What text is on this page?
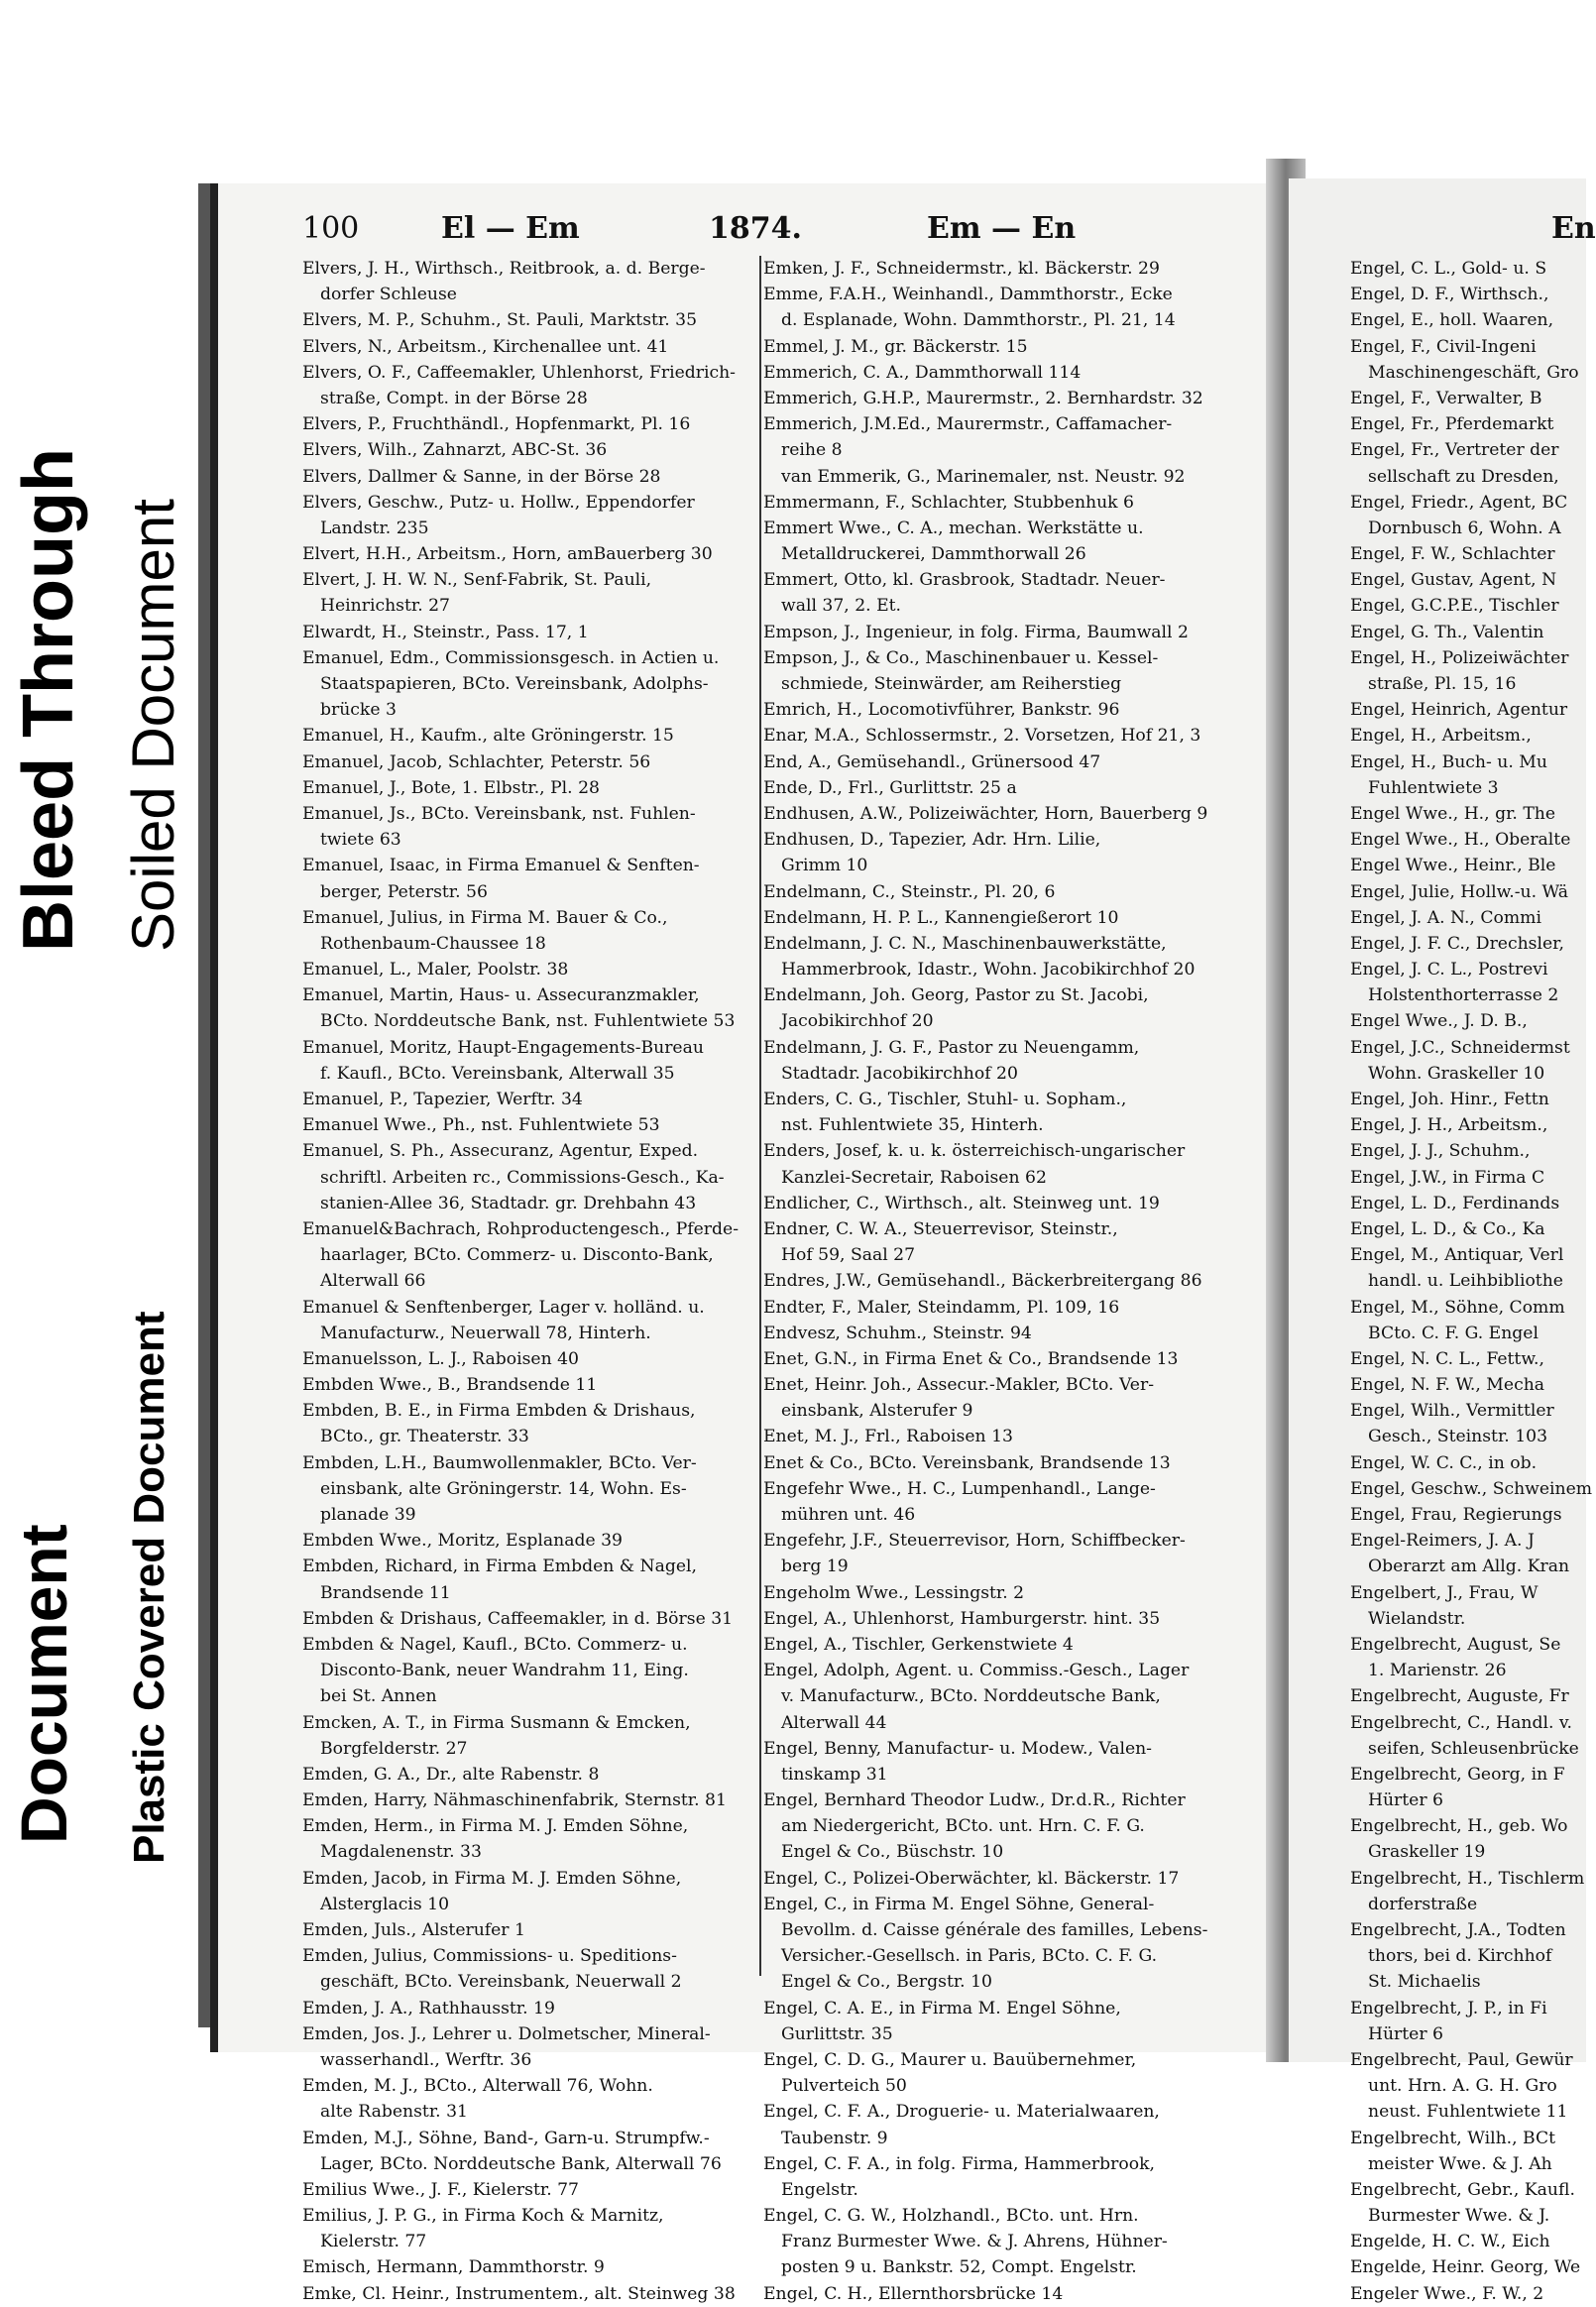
Bleed Through Soiled Document
Document Plastic Covered Document
100	El — Em	1874.	Em — En	En
Elvers, J. H., Wirthsch., Reitbrook, a. d. Berge-
dorfer Schleuse
Elvers, M. P., Schuhm., St. Pauli, Marktstr. 35
Elvers, N., Arbeitsm., Kirchenallee unt. 41
Elvers, O. F., Caffeemakler, Uhlenhorst, Friedrich-
straße, Compt. in der Börse 28
Elvers, P., Fruchthändl., Hopfenmarkt, Pl. 16
Elvers, Wilh., Zahnarzt, ABC-St. 36
Elvers, Dallmer & Sanne, in der Börse 28
Elvers, Geschw., Putz- u. Hollw., Eppendorfer
Landstr. 235
Elvert, H.H., Arbeitsm., Horn, amBauerberg 30
Elvert, J. H. W. N., Senf-Fabrik, St. Pauli,
Heinrichstr. 27
Elwardt, H., Steinstr., Pass. 17, 1
Emanuel, Edm., Commissionsgesch. in Actien u.
Staatspapieren, BCto. Vereinsbank, Adolphs-
brücke 3
Emanuel, H., Kaufm., alte Gröningerstr. 15
Emanuel, Jacob, Schlachter, Peterstr. 56
Emanuel, J., Bote, 1. Elbstr., Pl. 28
Emanuel, Js., BCto. Vereinsbank, nst. Fuhlen-
twiete 63
Emanuel, Isaac, in Firma Emanuel & Senften-
berger, Peterstr. 56
Emanuel, Julius, in Firma M. Bauer & Co.,
Rothenbaum-Chaussee 18
Emanuel, L., Maler, Poolstr. 38
Emanuel, Martin, Haus- u. Assecuranzmakler,
BCto. Norddeutsche Bank, nst. Fuhlentwiete 53
Emanuel, Moritz, Haupt-Engagements-Bureau
f. Kaufl., BCto. Vereinsbank, Alterwall 35
Emanuel, P., Tapezier, Werftr. 34
Emanuel Wwe., Ph., nst. Fuhlentwiete 53
Emanuel, S. Ph., Assecuranz, Agentur, Exped.
schriftl. Arbeiten rc., Commissions-Gesch., Ka-
stanien-Allee 36, Stadtadr. gr. Drehbahn 43
Emanuel&Bachrach, Rohproductengesch., Pferde-
haarlager, BCto. Commerz- u. Disconto-Bank,
Alterwall 66
Emanuel & Senftenberger, Lager v. holländ. u.
Manufacturw., Neuerwall 78, Hinterh.
Emanuelsson, L. J., Raboisen 40
Embden Wwe., B., Brandsende 11
Embden, B. E., in Firma Embden & Drishaus,
BCto., gr. Theaterstr. 33
Embden, L.H., Baumwollenmakler, BCto. Ver-
einsbank, alte Gröningerstr. 14, Wohn. Es-
planade 39
Embden Wwe., Moritz, Esplanade 39
Embden, Richard, in Firma Embden & Nagel,
Brandsende 11
Embden & Drishaus, Caffeemakler, in d. Börse 31
Embden & Nagel, Kaufl., BCto. Commerz- u.
Disconto-Bank, neuer Wandrahm 11, Eing.
bei St. Annen
Emcken, A. T., in Firma Susmann & Emcken,
Borgfelderstr. 27
Emden, G. A., Dr., alte Rabenstr. 8
Emden, Harry, Nähmaschinenfabrik, Sternstr. 81
Emden, Herm., in Firma M. J. Emden Söhne,
Magdalenenstr. 33
Emden, Jacob, in Firma M. J. Emden Söhne,
Alsterglacis 10
Emden, Juls., Alsterufer 1
Emden, Julius, Commissions- u. Speditions-
geschäft, BCto. Vereinsbank, Neuerwall 2
Emden, J. A., Rathhausstr. 19
Emden, Jos. J., Lehrer u. Dolmetscher, Mineral-
wasserhandl., Werftr. 36
Emden, M. J., BCto., Alterwall 76, Wohn.
alte Rabenstr. 31
Emden, M.J., Söhne, Band-, Garn-u. Strumpfw.-
Lager, BCto. Norddeutsche Bank, Alterwall 76
Emilius Wwe., J. F., Kielerstr. 77
Emilius, J. P. G., in Firma Koch & Marnitz,
Kielerstr. 77
Emisch, Hermann, Dammthorstr. 9
Emke, Cl. Heinr., Instrumentem., alt. Steinweg 38
Emken, J. F., Schneidermstr., kl. Bäckerstr. 29
Emme, F.A.H., Weinhandl., Dammthorstr., Ecke
d. Esplanade, Wohn. Dammthorstr., Pl. 21, 14
Emmel, J. M., gr. Bäckerstr. 15
Emmerich, C. A., Dammthorwall 114
Emmerich, G.H.P., Maurermstr., 2. Bernhardstr. 32
Emmerich, J.M.Ed., Maurermstr., Caffamacher-
reihe 8
van Emmerik, G., Marinemaler, nst. Neustr. 92
Emmermann, F., Schlachter, Stubbenhuk 6
Emmert Wwe., C. A., mechan. Werkstätte u.
Metalldruckerei, Dammthorwall 26
Emmert, Otto, kl. Grasbrook, Stadtadr. Neuer-
wall 37, 2. Et.
Empson, J., Ingenieur, in folg. Firma, Baumwall 2
Empson, J., & Co., Maschinenbauer u. Kessel-
schmiede, Steinwärder, am Reiherstieg
Emrich, H., Locomotivführer, Bankstr. 96
Enar, M.A., Schlossermstr., 2. Vorsetzen, Hof 21, 3
End, A., Gemüsehandl., Grünersood 47
Ende, D., Frl., Gurlittstr. 25 a
Endhusen, A.W., Polizeiwächter, Horn, Bauerberg 9
Endhusen, D., Tapezier, Adr. Hrn. Lilie,
Grimm 10
Endelmann, C., Steinstr., Pl. 20, 6
Endelmann, H. P. L., Kannengießerort 10
Endelmann, J. C. N., Maschinenbauwerkstätte,
Hammerbrook, Idastr., Wohn. Jacobikirchhof 20
Endelmann, Joh. Georg, Pastor zu St. Jacobi,
Jacobikirchhof 20
Endelmann, J. G. F., Pastor zu Neuengamm,
Stadtadr. Jacobikirchhof 20
Enders, C. G., Tischler, Stuhl- u. Sopham.,
nst. Fuhlentwiete 35, Hinterh.
Enders, Josef, k. u. k. österreichisch-ungarischer
Kanzlei-Secretair, Raboisen 62
Endlicher, C., Wirthsch., alt. Steinweg unt. 19
Endner, C. W. A., Steuerrevisor, Steinstr.,
Hof 59, Saal 27
Endres, J.W., Gemüsehandl., Bäckerbreitergang 86
Endter, F., Maler, Steindamm, Pl. 109, 16
Endvesz, Schuhm., Steinstr. 94
Enet, G.N., in Firma Enet & Co., Brandsende 13
Enet, Heinr. Joh., Assecur.-Makler, BCto. Ver-
einsbank, Alsterufer 9
Enet, M. J., Frl., Raboisen 13
Enet & Co., BCto. Vereinsbank, Brandsende 13
Engefehr Wwe., H. C., Lumpenhandl., Lange-
mühren unt. 46
Engefehr, J.F., Steuerrevisor, Horn, Schiffbecker-
berg 19
Engeholm Wwe., Lessingstr. 2
Engel, A., Uhlenhorst, Hamburgerstr. hint. 35
Engel, A., Tischler, Gerkenstwiete 4
Engel, Adolph, Agent. u. Commiss.-Gesch., Lager
v. Manufacturw., BCto. Norddeutsche Bank,
Alterwall 44
Engel, Benny, Manufactur- u. Modew., Valen-
tinskamp 31
Engel, Bernhard Theodor Ludw., Dr.d.R., Richter
am Niedergericht, BCto. unt. Hrn. C. F. G.
Engel & Co., Büschstr. 10
Engel, C., Polizei-Oberwächter, kl. Bäckerstr. 17
Engel, C., in Firma M. Engel Söhne, General-
Bevollm. d. Caisse générale des familles, Lebens-
Versicher.-Gesellsch. in Paris, BCto. C. F. G.
Engel & Co., Bergstr. 10
Engel, C. A. E., in Firma M. Engel Söhne,
Gurlittstr. 35
Engel, C. D. G., Maurer u. Bauübernehmer,
Pulverteich 50
Engel, C. F. A., Droguerie- u. Materialwaaren,
Taubenstr. 9
Engel, C. F. A., in folg. Firma, Hammerbrook,
Engelstr.
Engel, C. G. W., Holzhandl., BCto. unt. Hrn.
Franz Burmester Wwe. & J. Ahrens, Hühner-
posten 9 u. Bankstr. 52, Compt. Engelstr.
Engel, C. H., Ellernthorsbrücke 14
Engel, C. L., Gold- u. S
Engel, D. F., Wirthsch.,
Engel, E., holl. Waaren,
Engel, F., Civil-Ingeni
Maschinengeschäft, Gro
Engel, F., Verwalter, B
Engel, Fr., Pferdemarkt
Engel, Fr., Vertreter der
sellschaft zu Dresden,
Engel, Friedr., Agent, BC
Dornbusch 6, Wohn. A
Engel, F. W., Schlachter
Engel, Gustav, Agent, N
Engel, G.C.P.E., Tischler
Engel, G. Th., Valentin
Engel, H., Polizeiwächter
straße, Pl. 15, 16
Engel, Heinrich, Agentur
Engel, H., Arbeitsm.,
Engel, H., Buch- u. Mu
Fuhlentwiete 3
Engel Wwe., H., gr. The
Engel Wwe., H., Oberalte
Engel Wwe., Heinr., Ble
Engel, Julie, Hollw.-u. Wä
Engel, J. A. N., Commi
Engel, J. F. C., Drechsler,
Engel, J. C. L., Postrevi
Holstenthorterrasse 2
Engel Wwe., J. D. B.,
Engel, J.C., Schneidermst
Wohn. Graskeller 10
Engel, Joh. Hinr., Fettn
Engel, J. H., Arbeitsm.,
Engel, J. J., Schuhm.,
Engel, J.W., in Firma C
Engel, L. D., Ferdinands
Engel, L. D., & Co., Ka
Engel, M., Antiquar, Verl
handl. u. Leihbibliothe
Engel, M., Söhne, Comm
BCto. C. F. G. Engel
Engel, N. C. L., Fettw.,
Engel, N. F. W., Mecha
Engel, Wilh., Vermittler
Gesch., Steinstr. 103
Engel, W. C. C., in ob.
Engel, Geschw., Schweinem
Engel, Frau, Regierungs
Engel-Reimers, J. A. J
Oberarzt am Allg. Kran
Engelbert, J., Frau, W
Wielandstr.
Engelbrecht, August, Se
1. Marienstr. 26
Engelbrecht, Auguste, Fr
Engelbrecht, C., Handl. v.
seifen, Schleusenbrücke
Engelbrecht, Georg, in F
Hürter 6
Engelbrecht, H., geb. Wo
Graskeller 19
Engelbrecht, H., Tischlerm
dorferstraße
Engelbrecht, J.A., Todten
thors, bei d. Kirchhof
St. Michaelis
Engelbrecht, J. P., in Fi
Hürter 6
Engelbrecht, Paul, Gewür
unt. Hrn. A. G. H. Gro
neust. Fuhlentwiete 11
Engelbrecht, Wilh., BCt
meister Wwe. & J. Ah
Engelbrecht, Gebr., Kaufl.
Burmester Wwe. & J.
Engelde, H. C. W., Eich
Engelde, Heinr. Georg, We
Engeler Wwe., F. W., 2
